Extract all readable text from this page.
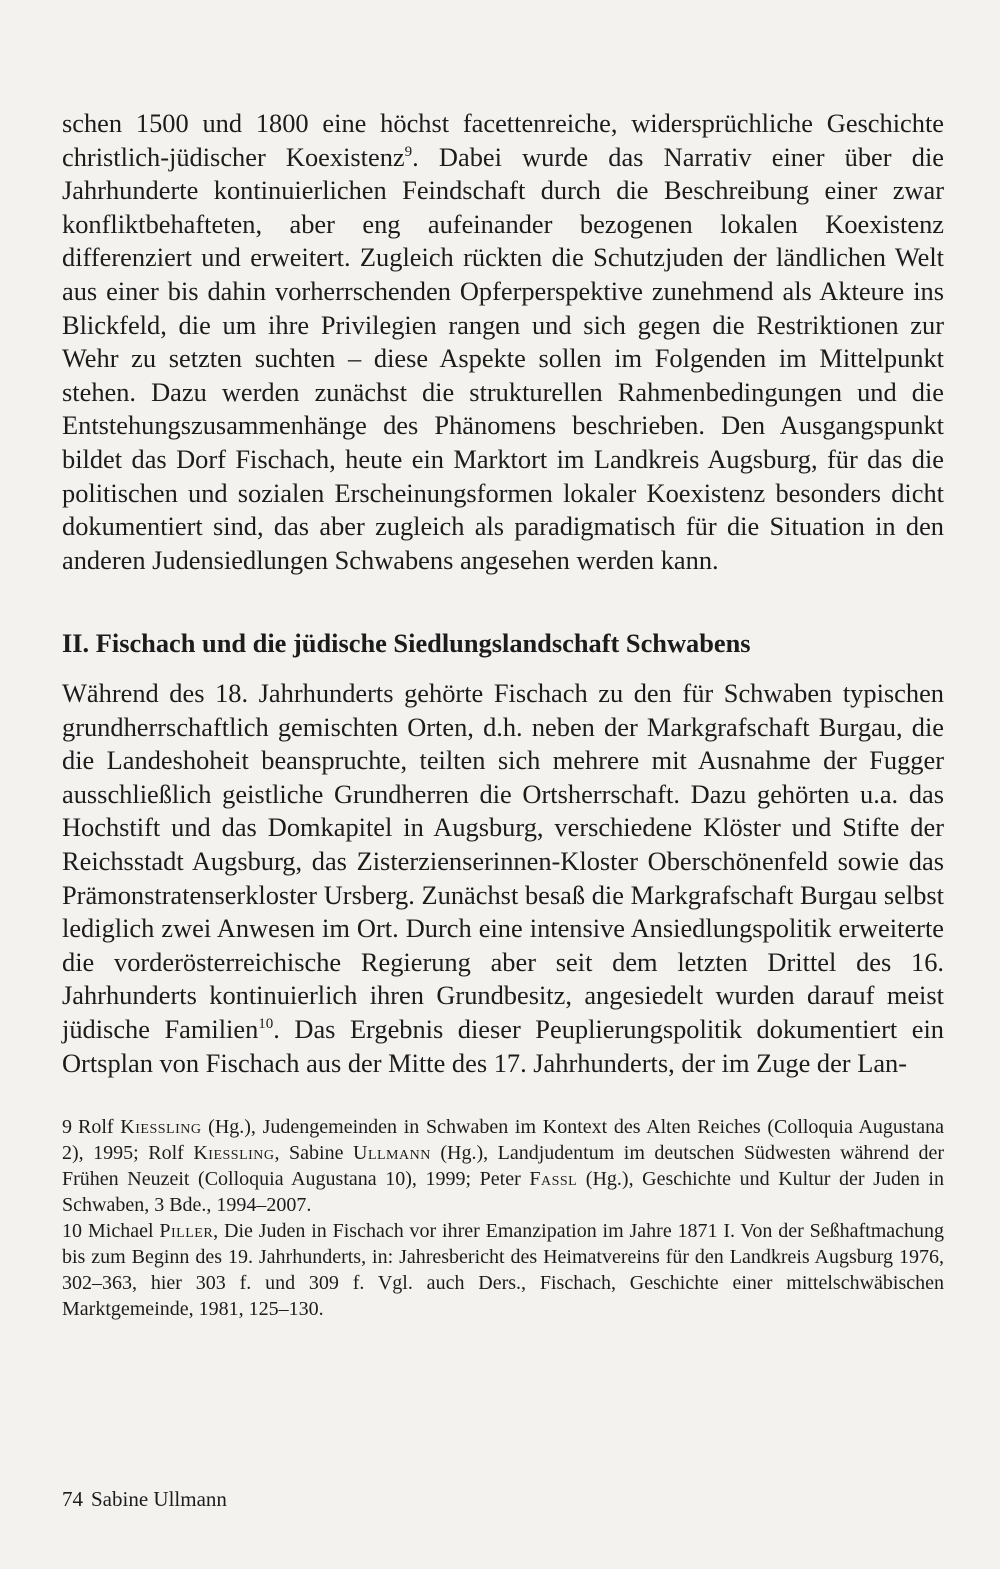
schen 1500 und 1800 eine höchst facettenreiche, widersprüchliche Geschichte christlich-jüdischer Koexistenz$^9$. Dabei wurde das Narrativ einer über die Jahrhunderte kontinuierlichen Feindschaft durch die Beschreibung einer zwar konfliktbehafteten, aber eng aufeinander bezogenen lokalen Koexistenz differenziert und erweitert. Zugleich rückten die Schutzjuden der ländlichen Welt aus einer bis dahin vorherrschenden Opferperspektive zunehmend als Akteure ins Blickfeld, die um ihre Privilegien rangen und sich gegen die Restriktionen zur Wehr zu setzten suchten – diese Aspekte sollen im Folgenden im Mittelpunkt stehen. Dazu werden zunächst die strukturellen Rahmenbedingungen und die Entstehungszusammenhänge des Phänomens beschrieben. Den Ausgangspunkt bildet das Dorf Fischach, heute ein Marktort im Landkreis Augsburg, für das die politischen und sozialen Erscheinungsformen lokaler Koexistenz besonders dicht dokumentiert sind, das aber zugleich als paradigmatisch für die Situation in den anderen Judensiedlungen Schwabens angesehen werden kann.

II. Fischach und die jüdische Siedlungslandschaft Schwabens

Während des 18. Jahrhunderts gehörte Fischach zu den für Schwaben typischen grundherrschaftlich gemischten Orten, d.h. neben der Markgrafschaft Burgau, die die Landeshoheit beanspruchte, teilten sich mehrere mit Ausnahme der Fugger ausschließlich geistliche Grundherren die Ortsherrschaft. Dazu gehörten u.a. das Hochstift und das Domkapitel in Augsburg, verschiedene Klöster und Stifte der Reichsstadt Augsburg, das Zisterzienserinnen-Kloster Oberschönenfeld sowie das Prämonstratenserkloster Ursberg. Zunächst besaß die Markgrafschaft Burgau selbst lediglich zwei Anwesen im Ort. Durch eine intensive Ansiedlungspolitik erweiterte die vorderösterreichische Regierung aber seit dem letzten Drittel des 16. Jahrhunderts kontinuierlich ihren Grundbesitz, angesiedelt wurden darauf meist jüdische Familien$^{10}$. Das Ergebnis dieser Peuplierungspolitik dokumentiert ein Ortsplan von Fischach aus der Mitte des 17. Jahrhunderts, der im Zuge der Lan-

9 Rolf Kiessling (Hg.), Judengemeinden in Schwaben im Kontext des Alten Reiches (Colloquia Augustana 2), 1995; Rolf Kiessling, Sabine Ullmann (Hg.), Landjudentum im deutschen Südwesten während der Frühen Neuzeit (Colloquia Augustana 10), 1999; Peter Fassl (Hg.), Geschichte und Kultur der Juden in Schwaben, 3 Bde., 1994–2007.

10 Michael Piller, Die Juden in Fischach vor ihrer Emanzipation im Jahre 1871 I. Von der Seßhaftmachung bis zum Beginn des 19. Jahrhunderts, in: Jahresbericht des Heimatvereins für den Landkreis Augsburg 1976, 302–363, hier 303 f. und 309 f. Vgl. auch Ders., Fischach, Geschichte einer mittelschwäbischen Marktgemeinde, 1981, 125–130.

74 Sabine Ullmann
